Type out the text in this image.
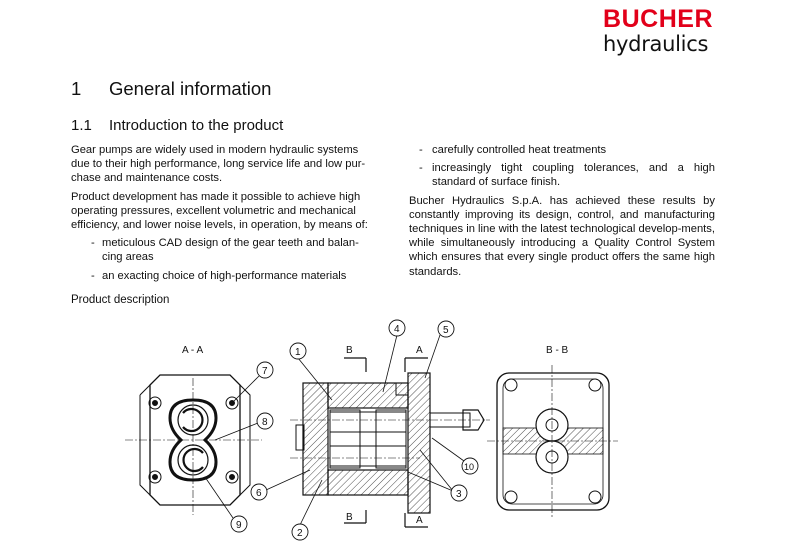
BUCHER
hydraulics
1 General information
1.1 Introduction to the product

Gear pumps are widely used in modern hydraulic systems due to their high performance, long service life and low pur-chase and maintenance costs.

Product development has made it possible to achieve high operating pressures, excellent volumetric and mechanical efficiency, and lower noise levels, in operation, by means of:

- meticulous CAD design of the gear teeth and balan-cing areas
- an exacting choice of high-performance materials
- carefully controlled heat treatments
- increasingly tight coupling tolerances, and a high standard of surface finish.

Bucher Hydraulics S.p.A. has achieved these results by constantly improving its design, control, and manufacturing techniques in line with the latest technological develop-ments, while simultaneously introducing a Quality Control System which ensures that every single product offers the same high standards.

Product description
A - A	B
B
A
A
B - B
1
2
3
4	5
6
7
8
9
10
